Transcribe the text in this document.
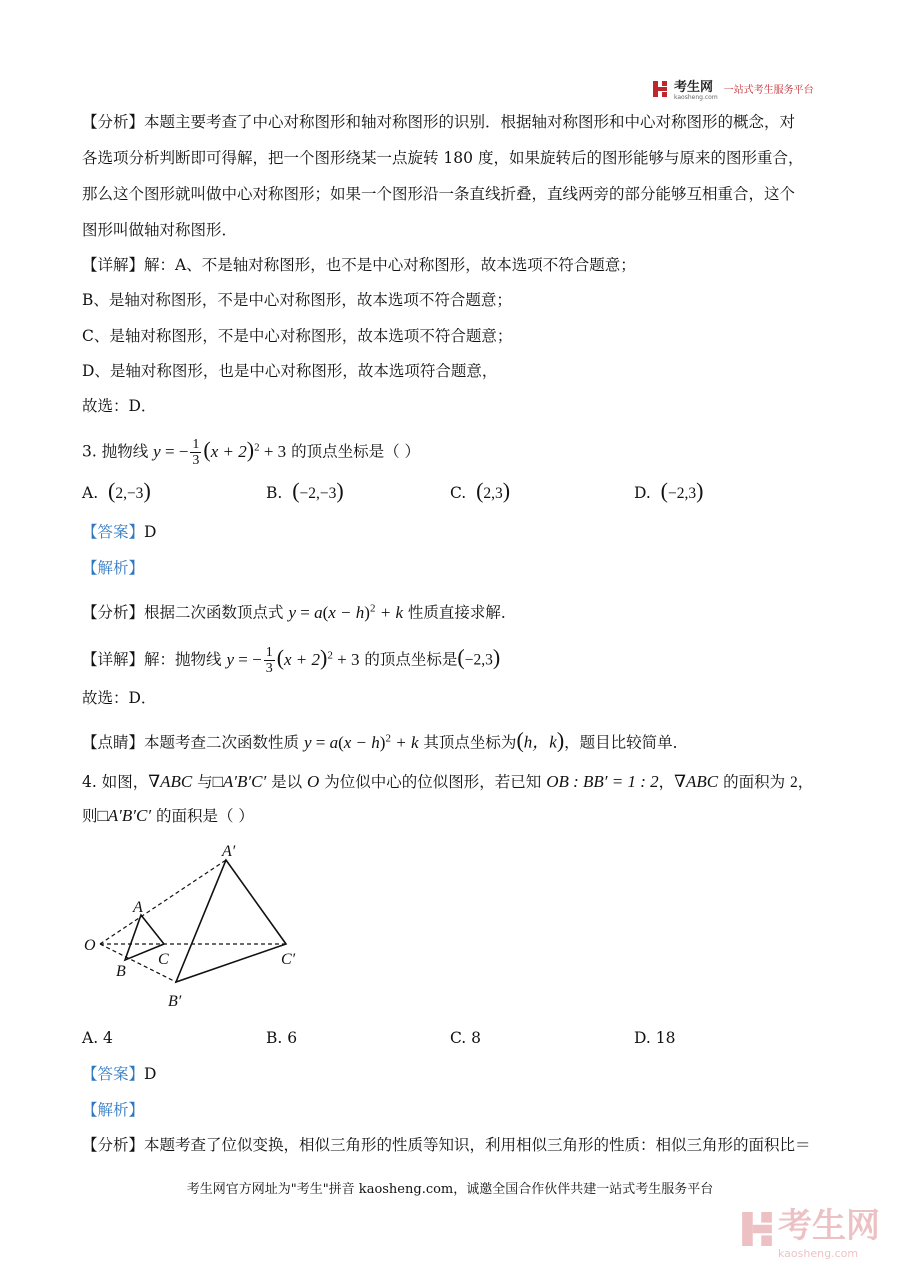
考生网
kaosheng.com
一站式考生服务平台
【分析】本题主要考查了中心对称图形和轴对称图形的识别．根据轴对称图形和中心对称图形的概念，对
各选项分析判断即可得解，把一个图形绕某一点旋转 180 度，如果旋转后的图形能够与原来的图形重合，
那么这个图形就叫做中心对称图形；如果一个图形沿一条直线折叠，直线两旁的部分能够互相重合，这个
图形叫做轴对称图形．
【详解】解：A、不是轴对称图形，也不是中心对称图形，故本选项不符合题意；
B、是轴对称图形，不是中心对称图形，故本选项不符合题意；
C、是轴对称图形，不是中心对称图形，故本选项不符合题意；
D、是轴对称图形，也是中心对称图形，故本选项符合题意，
故选：D．
3. 抛物线 y = − $\frac{1}{3} (x + 2)^2 + 3$ 的顶点坐标是（ ）
A. (2,−3)	B. (−2,−3)	C. (2,3)	D. (−2,3)
【答案】D
【解析】
【分析】根据二次函数顶点式 $y = a(x - h)^2 + k$ 性质直接求解．
【详解】解：抛物线 y = − $\frac{1}{3} (x + 2)^2 + 3$ 的顶点坐标是(−2,3)
故选：D．
【点睛】本题考查二次函数性质 $y = a(x - h)^2 + k$ 其顶点坐标为(h，k)，题目比较简单．
4. 如图，∇ABC 与□A′B′C′ 是以 O 为位似中心的位似图形，若已知 OB : BB′ = 1 : 2，∇ABC 的面积为 2，
则□A′B′C′ 的面积是（ ）
O
A
B
C
A′
B′
C′
A. 4	B. 6	C. 8	D. 18
【答案】D
【解析】
【分析】本题考查了位似变换，相似三角形的性质等知识，利用相似三角形的性质：相似三角形的面积比＝
考生网官方网址为"考生"拼音 kaosheng.com，诚邀全国合作伙伴共建一站式考生服务平台
考生网
kaosheng.com
